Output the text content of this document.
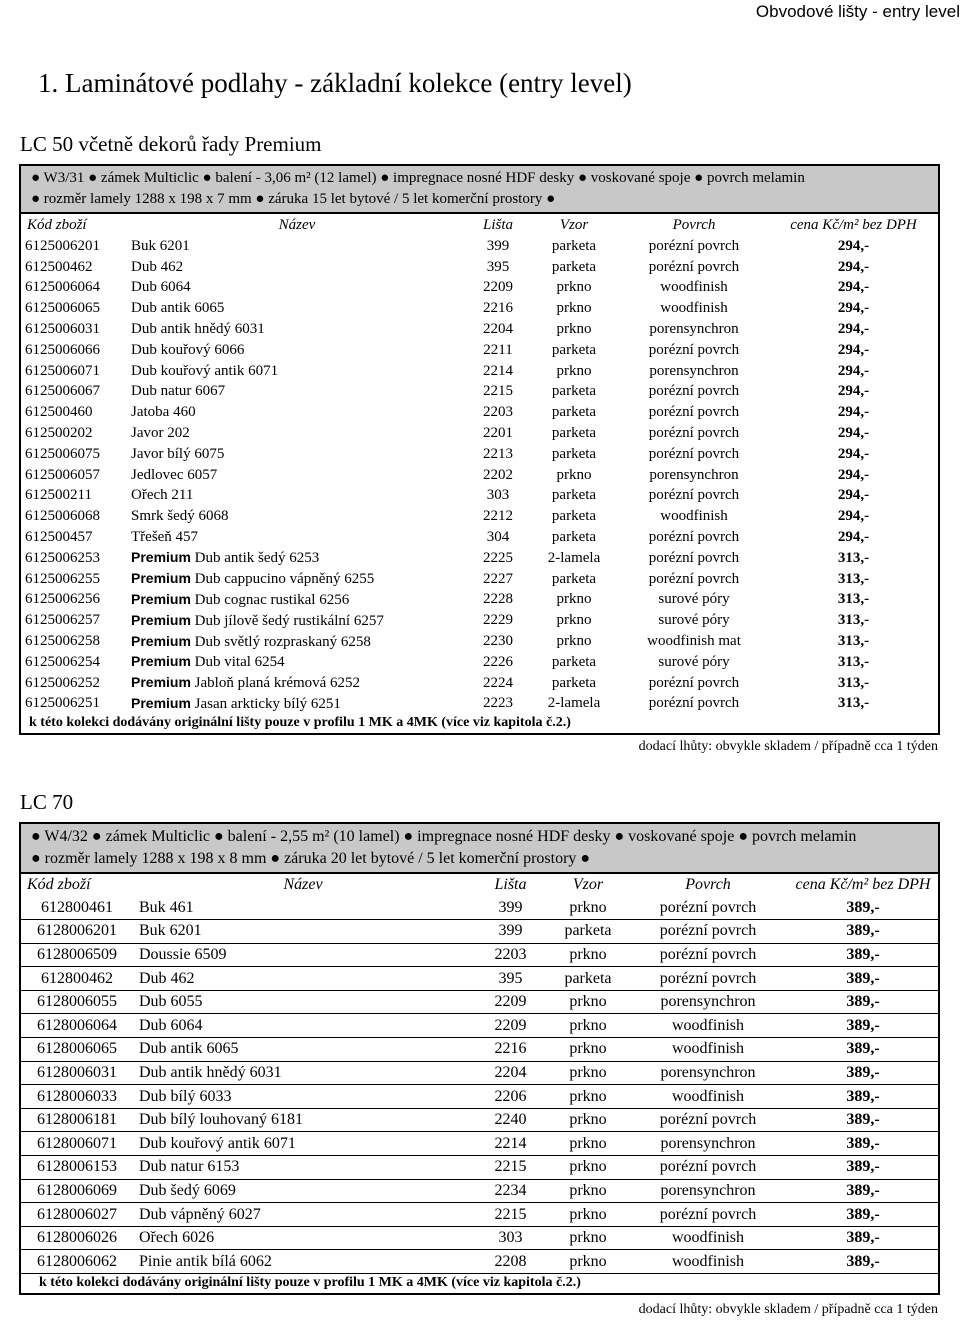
Obvodové lišty - entry level
1. Laminátové podlahy - základní kolekce (entry level)
LC 50 včetně dekorů řady Premium
● W3/31 ● zámek Multiclic ● balení - 3,06 m² (12 lamel) ● impregnace nosné HDF desky ● voskované spoje ● povrch melamin
● rozměr lamely 1288 x 198 x 7 mm ● záruka 15 let bytové / 5 let komerční prostory ●
Kód zboží	Název	Lišta	Vzor	Povrch	cena Kč/m² bez DPH
6125006201	Buk 6201	399	parketa	porézní povrch	294,-
612500462	Dub 462	395	parketa	porézní povrch	294,-
6125006064	Dub 6064	2209	prkno	woodfinish	294,-
6125006065	Dub antik 6065	2216	prkno	woodfinish	294,-
6125006031	Dub antik hnědý 6031	2204	prkno	porensynchron	294,-
6125006066	Dub kouřový 6066	2211	parketa	porézní povrch	294,-
6125006071	Dub kouřový antik 6071	2214	prkno	porensynchron	294,-
6125006067	Dub natur 6067	2215	parketa	porézní povrch	294,-
612500460	Jatoba 460	2203	parketa	porézní povrch	294,-
612500202	Javor 202	2201	parketa	porézní povrch	294,-
6125006075	Javor bílý 6075	2213	parketa	porézní povrch	294,-
6125006057	Jedlovec 6057	2202	prkno	porensynchron	294,-
612500211	Ořech 211	303	parketa	porézní povrch	294,-
6125006068	Smrk šedý 6068	2212	parketa	woodfinish	294,-
612500457	Třešeň 457	304	parketa	porézní povrch	294,-
6125006253	Premium Dub antik šedý 6253	2225	2-lamela	porézní povrch	313,-
6125006255	Premium Dub cappucino vápněný 6255	2227	parketa	porézní povrch	313,-
6125006256	Premium Dub cognac rustikal 6256	2228	prkno	surové póry	313,-
6125006257	Premium Dub jílově šedý rustikální 6257	2229	prkno	surové póry	313,-
6125006258	Premium Dub světlý rozpraskaný 6258	2230	prkno	woodfinish mat	313,-
6125006254	Premium Dub vital 6254	2226	parketa	surové póry	313,-
6125006252	Premium Jabloň planá krémová 6252	2224	parketa	porézní povrch	313,-
6125006251	Premium Jasan arkticky bílý 6251	2223	2-lamela	porézní povrch	313,-
k této kolekci dodávány originální lišty pouze v profilu 1 MK a 4MK (více viz kapitola č.2.)
dodací lhůty: obvykle skladem / případně cca 1 týden
LC 70
● W4/32 ● zámek Multiclic ● balení - 2,55 m² (10 lamel) ● impregnace nosné HDF desky ● voskované spoje ● povrch melamin
● rozměr lamely 1288 x 198 x 8 mm ● záruka 20 let bytové / 5 let komerční prostory ●
Kód zboží	Název	Lišta	Vzor	Povrch	cena Kč/m² bez DPH
612800461	Buk 461	399	prkno	porézní povrch	389,-
6128006201	Buk 6201	399	parketa	porézní povrch	389,-
6128006509	Doussie 6509	2203	prkno	porézní povrch	389,-
612800462	Dub 462	395	parketa	porézní povrch	389,-
6128006055	Dub 6055	2209	prkno	porensynchron	389,-
6128006064	Dub 6064	2209	prkno	woodfinish	389,-
6128006065	Dub antik 6065	2216	prkno	woodfinish	389,-
6128006031	Dub antik hnědý 6031	2204	prkno	porensynchron	389,-
6128006033	Dub bílý 6033	2206	prkno	woodfinish	389,-
6128006181	Dub bílý louhovaný 6181	2240	prkno	porézní povrch	389,-
6128006071	Dub kouřový antik 6071	2214	prkno	porensynchron	389,-
6128006153	Dub natur 6153	2215	prkno	porézní povrch	389,-
6128006069	Dub šedý 6069	2234	prkno	porensynchron	389,-
6128006027	Dub vápněný 6027	2215	prkno	porézní povrch	389,-
6128006026	Ořech 6026	303	prkno	woodfinish	389,-
6128006062	Pinie antik bílá 6062	2208	prkno	woodfinish	389,-
k této kolekci dodávány originální lišty pouze v profilu 1 MK a 4MK (více viz kapitola č.2.)
dodací lhůty: obvykle skladem / případně cca 1 týden
